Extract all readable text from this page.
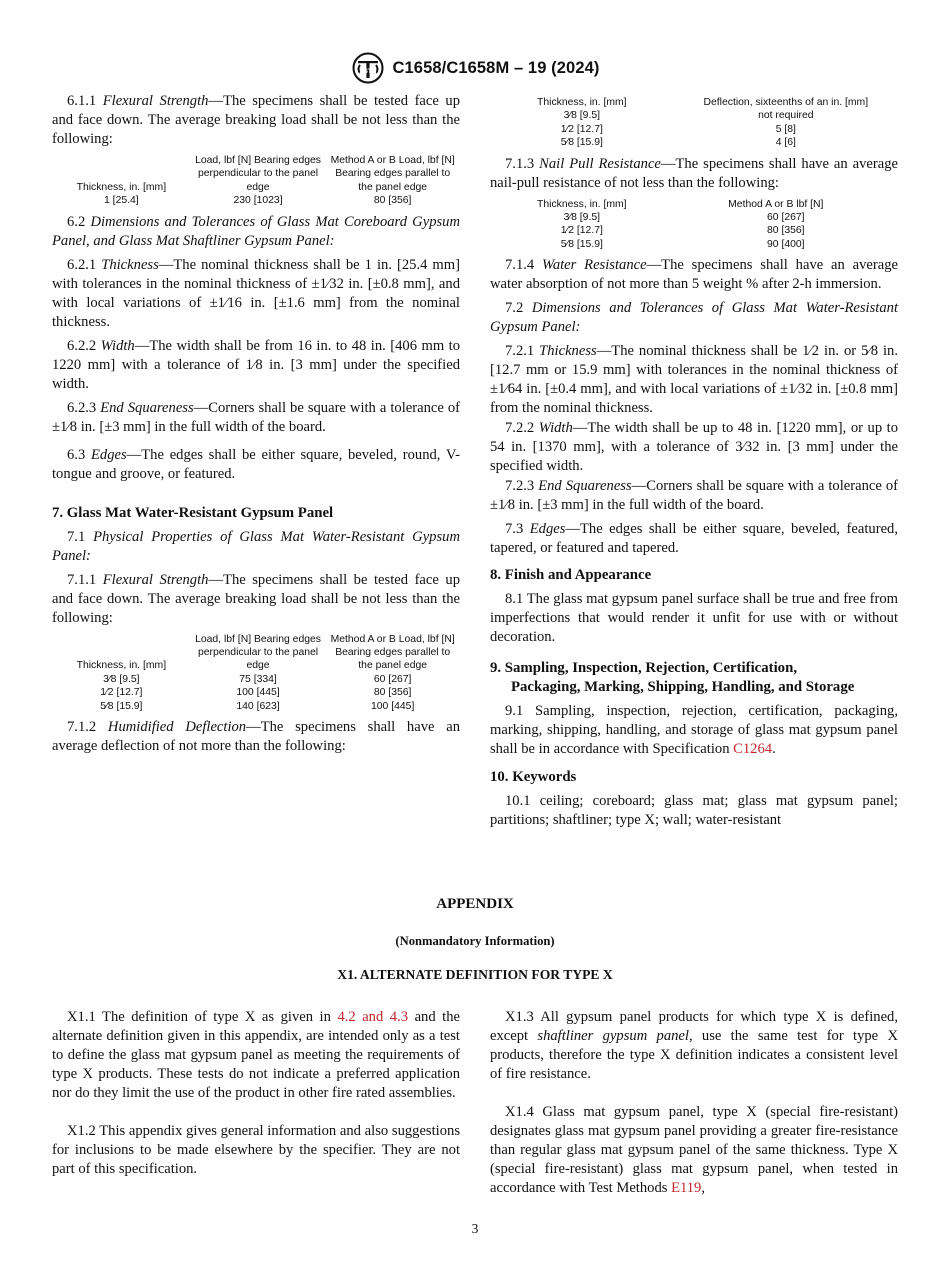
ASTM C1658/C1658M – 19 (2024)

6.1.1 Flexural Strength—The specimens shall be tested face up and face down. The average breaking load shall be not less than the following:

Thickness, in. [mm]	Load, lbf [N] Bearing edges perpendicular to the panel edge	Method A or B Load, lbf [N] Bearing edges parallel to the panel edge
1 [25.4]	230 [1023]	80 [356]

6.2 Dimensions and Tolerances of Glass Mat Coreboard Gypsum Panel, and Glass Mat Shaftliner Gypsum Panel:

6.2.1 Thickness—The nominal thickness shall be 1 in. [25.4 mm] with tolerances in the nominal thickness of ±1⁄32 in. [±0.8 mm], and with local variations of ±1⁄16 in. [±1.6 mm] from the nominal thickness.

6.2.2 Width—The width shall be from 16 in. to 48 in. [406 mm to 1220 mm] with a tolerance of 1⁄8 in. [3 mm] under the specified width.

6.2.3 End Squareness—Corners shall be square with a tolerance of ±1⁄8 in. [±3 mm] in the full width of the board.

6.3 Edges—The edges shall be either square, beveled, round, V-tongue and groove, or featured.

7. Glass Mat Water-Resistant Gypsum Panel

7.1 Physical Properties of Glass Mat Water-Resistant Gypsum Panel:

7.1.1 Flexural Strength—The specimens shall be tested face up and face down. The average breaking load shall be not less than the following:

Thickness, in. [mm]	Load, lbf [N] Bearing edges perpendicular to the panel edge	Method A or B Load, lbf [N] Bearing edges parallel to the panel edge
3⁄8 [9.5]	75 [334]	60 [267]
1⁄2 [12.7]	100 [445]	80 [356]
5⁄8 [15.9]	140 [623]	100 [445]

7.1.2 Humidified Deflection—The specimens shall have an average deflection of not more than the following:

Thickness, in. [mm]	Deflection, sixteenths of an in. [mm]
3⁄8 [9.5]	not required
1⁄2 [12.7]	5 [8]
5⁄8 [15.9]	4 [6]

7.1.3 Nail Pull Resistance—The specimens shall have an average nail-pull resistance of not less than the following:

Thickness, in. [mm]	Method A or B lbf [N]
3⁄8 [9.5]	60 [267]
1⁄2 [12.7]	80 [356]
5⁄8 [15.9]	90 [400]

7.1.4 Water Resistance—The specimens shall have an average water absorption of not more than 5 weight % after 2-h immersion.

7.2 Dimensions and Tolerances of Glass Mat Water-Resistant Gypsum Panel:

7.2.1 Thickness—The nominal thickness shall be 1⁄2 in. or 5⁄8 in. [12.7 mm or 15.9 mm] with tolerances in the nominal thickness of ±1⁄64 in. [±0.4 mm], and with local variations of ±1⁄32 in. [±0.8 mm] from the nominal thickness.

7.2.2 Width—The width shall be up to 48 in. [1220 mm], or up to 54 in. [1370 mm], with a tolerance of 3⁄32 in. [3 mm] under the specified width.

7.2.3 End Squareness—Corners shall be square with a tolerance of ±1⁄8 in. [±3 mm] in the full width of the board.

7.3 Edges—The edges shall be either square, beveled, featured, tapered, or featured and tapered.

8. Finish and Appearance

8.1 The glass mat gypsum panel surface shall be true and free from imperfections that would render it unfit for use with or without decoration.

9. Sampling, Inspection, Rejection, Certification,
Packaging, Marking, Shipping, Handling, and Storage

9.1 Sampling, inspection, rejection, certification, packaging, marking, shipping, handling, and storage of glass mat gypsum panel shall be in accordance with Specification C1264.

10. Keywords

10.1 ceiling; coreboard; glass mat; glass mat gypsum panel; partitions; shaftliner; type X; wall; water-resistant

APPENDIX
(Nonmandatory Information)
X1. ALTERNATE DEFINITION FOR TYPE X

X1.1 The definition of type X as given in 4.2 and 4.3 and the alternate definition given in this appendix, are intended only as a test to define the glass mat gypsum panel as meeting the requirements of type X products. These tests do not indicate a preferred application nor do they limit the use of the product in other fire rated assemblies.

X1.2 This appendix gives general information and also suggestions for inclusions to be made elsewhere by the specifier. They are not part of this specification.

X1.3 All gypsum panel products for which type X is defined, except shaftliner gypsum panel, use the same test for type X products, therefore the type X definition indicates a consistent level of fire resistance.

X1.4 Glass mat gypsum panel, type X (special fire-resistant) designates glass mat gypsum panel providing a greater fire-resistance than regular glass mat gypsum panel of the same thickness. Type X (special fire-resistant) glass mat gypsum panel, when tested in accordance with Test Methods E119,

3
